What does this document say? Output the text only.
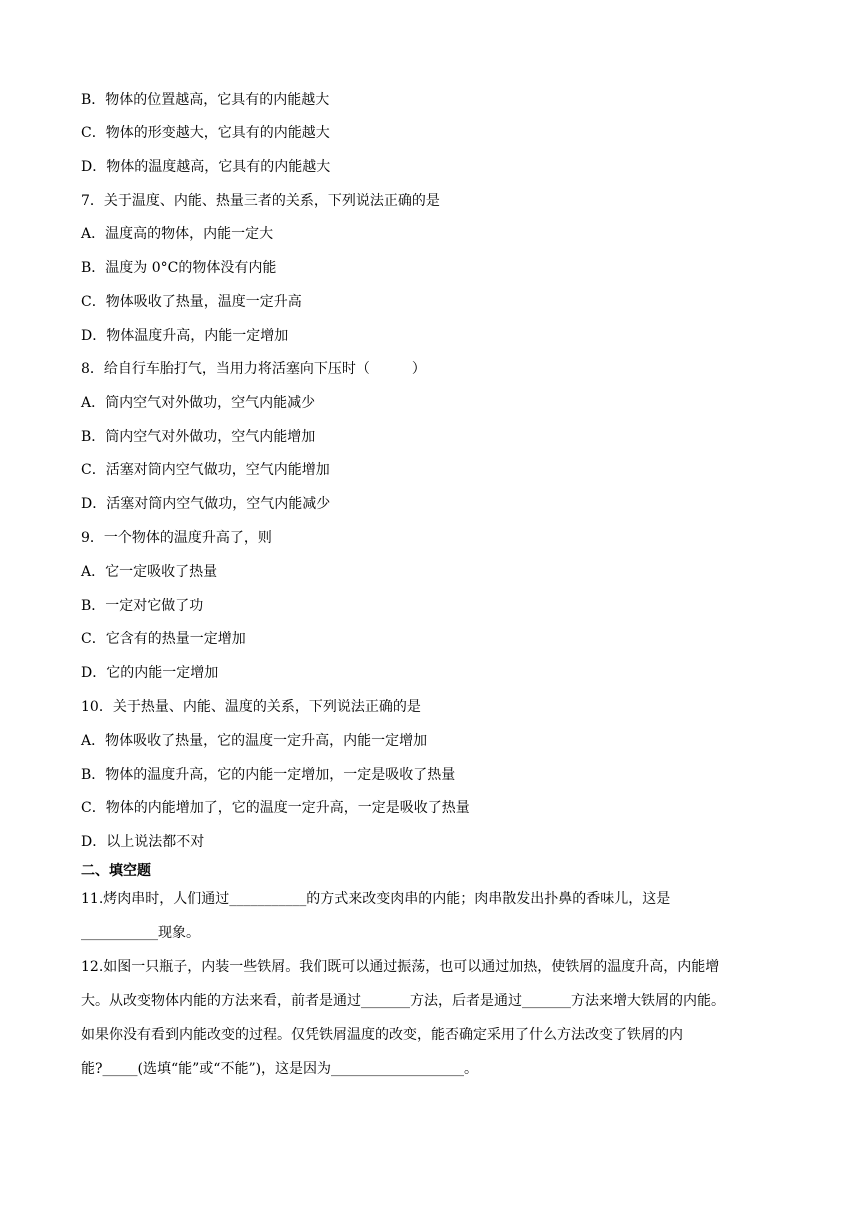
B．物体的位置越高，它具有的内能越大
C．物体的形变越大，它具有的内能越大
D．物体的温度越高，它具有的内能越大
7．关于温度、内能、热量三者的关系，下列说法正确的是
A．温度高的物体，内能一定大
B．温度为 0°C的物体没有内能
C．物体吸收了热量，温度一定升高
D．物体温度升高，内能一定增加
8．给自行车胎打气，当用力将活塞向下压时（　　　）
A．筒内空气对外做功，空气内能减少
B．筒内空气对外做功，空气内能增加
C．活塞对筒内空气做功，空气内能增加
D．活塞对筒内空气做功，空气内能减少
9．一个物体的温度升高了，则
A．它一定吸收了热量
B．一定对它做了功
C．它含有的热量一定增加
D．它的内能一定增加
10．关于热量、内能、温度的关系，下列说法正确的是
A．物体吸收了热量，它的温度一定升高，内能一定增加
B．物体的温度升高，它的内能一定增加，一定是吸收了热量
C．物体的内能增加了，它的温度一定升高，一定是吸收了热量
D．以上说法都不对
二、填空题
11.烤肉串时，人们通过___________的方式来改变肉串的内能；肉串散发出扑鼻的香味儿，这是
___________现象。
12.如图一只瓶子，内装一些铁屑。我们既可以通过振荡，也可以通过加热，使铁屑的温度升高，内能增
大。从改变物体内能的方法来看，前者是通过_______方法，后者是通过_______方法来增大铁屑的内能。
如果你没有看到内能改变的过程。仅凭铁屑温度的改变，能否确定采用了什么方法改变了铁屑的内
能?_____(选填“能”或“不能”)，这是因为___________________。
